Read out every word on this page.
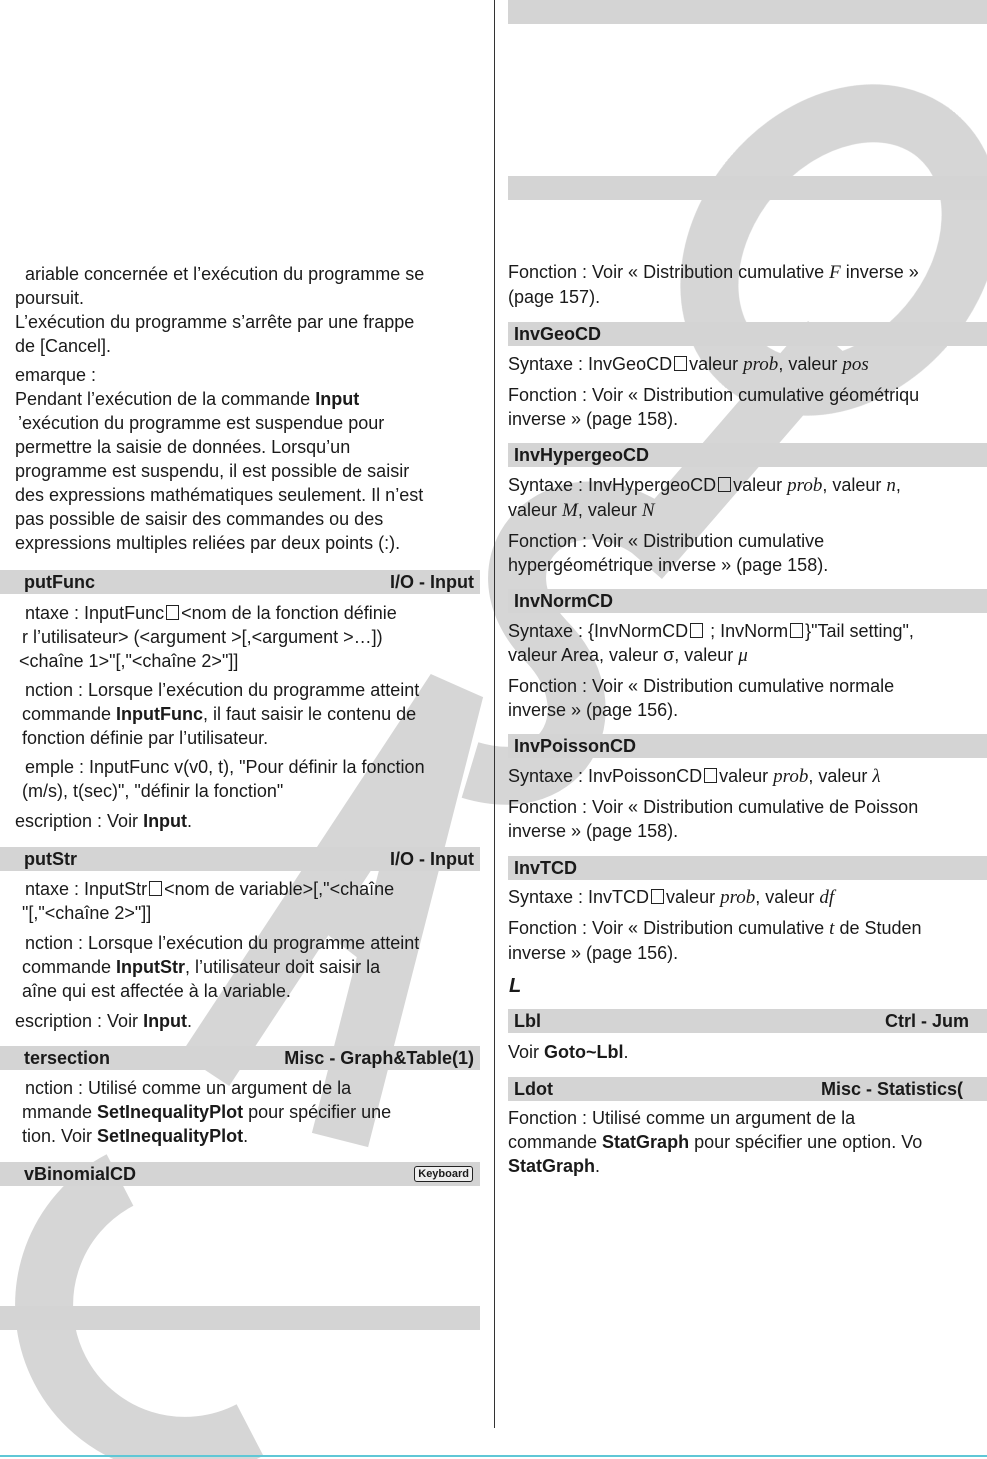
ariable concernée et l’exécution du programme se
poursuit.
L’exécution du programme s’arrête par une frappe
de [Cancel].
emarque :
Pendant l’exécution de la commande Input
’exécution du programme est suspendue pour
permettre la saisie de données. Lorsqu’un
programme est suspendu, il est possible de saisir
des expressions mathématiques seulement. Il n’est
pas possible de saisir des commandes ou des
expressions multiples reliées par deux points (:).
putFunc	I/O - Input
ntaxe : InputFunc <nom de la fonction définie
r l’utilisateur> (<argument >[,<argument >…])
<chaîne 1>"[,"<chaîne 2>"]]
nction : Lorsque l’exécution du programme atteint
commande InputFunc, il faut saisir le contenu de
fonction définie par l’utilisateur.
emple : InputFunc v(v0, t), "Pour définir la fonction
(m/s), t(sec)", "définir la fonction"
escription : Voir Input.
putStr	I/O - Input
ntaxe : InputStr <nom de variable>[,"<chaîne
"[,"<chaîne 2>"]]
nction : Lorsque l’exécution du programme atteint
commande InputStr, l’utilisateur doit saisir la
aîne qui est affectée à la variable.
escription : Voir Input.
tersection	Misc - Graph&Table(1)
nction : Utilisé comme un argument de la
mmande SetInequalityPlot pour spécifier une
tion. Voir SetInequalityPlot.
vBinomialCD	Keyboard
Fonction : Voir « Distribution cumulative F inverse »
(page 157).
InvGeoCD
Syntaxe : InvGeoCD valeur prob, valeur pos
Fonction : Voir « Distribution cumulative géométriqu
inverse » (page 158).
InvHypergeoCD
Syntaxe : InvHypergeoCD valeur prob, valeur n,
valeur M, valeur N
Fonction : Voir « Distribution cumulative
hypergéométrique inverse » (page 158).
InvNormCD
Syntaxe : {InvNormCD ; InvNorm }"Tail setting",
valeur Area, valeur σ, valeur μ
Fonction : Voir « Distribution cumulative normale
inverse » (page 156).
InvPoissonCD
Syntaxe : InvPoissonCD valeur prob, valeur λ
Fonction : Voir « Distribution cumulative de Poisson
inverse » (page 158).
InvTCD
Syntaxe : InvTCD valeur prob, valeur df
Fonction : Voir « Distribution cumulative t de Studen
inverse » (page 156).
L
Lbl	Ctrl - Jum
Voir Goto~Lbl.
Ldot	Misc - Statistics(
Fonction : Utilisé comme un argument de la
commande StatGraph pour spécifier une option. Vo
StatGraph.
